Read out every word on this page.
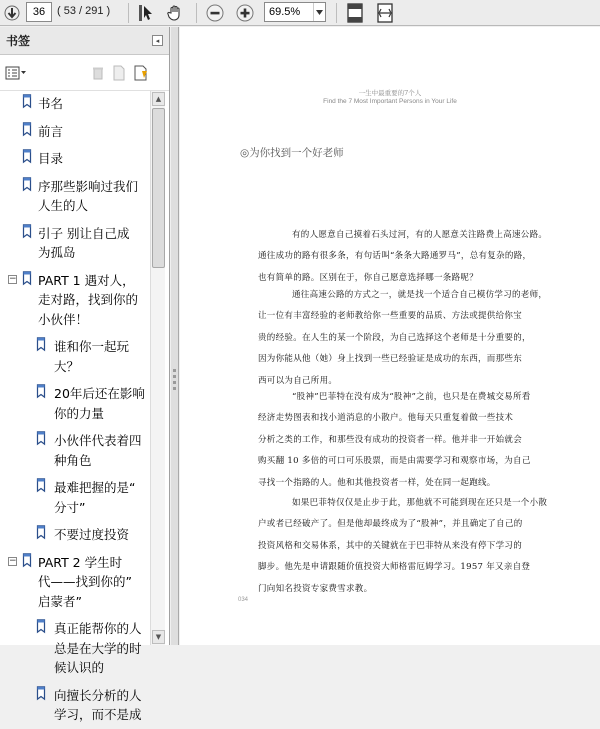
36 ( 53 / 291 )	69.5%
书签	◂
书名
前言
目录
序那些影响过我们
人生的人
引子 别让自己成
为孤岛
− PART 1 遇对人，
走对路，找到你的
小伙伴！
谁和你一起玩
大？
20年后还在影响
你的力量
小伙伴代表着四
种角色
最难把握的是“
分寸”
不要过度投资
− PART 2 学生时
代——找到你的”
启蒙者”
真正能帮你的人
总是在大学的时
候认识的
向擅长分析的人
学习，而不是成
▲
▼
一生中最重要的7个人
Find the 7 Most Important Persons in Your Life
◎为你找到一个好老师
有的人愿意自己摸着石头过河，有的人愿意关注路费上高速公路。
通往成功的路有很多条，有句话叫“条条大路通罗马”，总有复杂的路，
也有简单的路。区别在于，你自己愿意选择哪一条路呢？
通往高速公路的方式之一，就是找一个适合自己模仿学习的老师，
让一位有丰富经验的老师教给你一些重要的品质、方法或提供给你宝
贵的经验。在人生的某一个阶段，为自己选择这个老师是十分重要的，
因为你能从他（她）身上找到一些已经验证是成功的东西，而那些东
西可以为自己所用。
“股神”巴菲特在没有成为“股神”之前，也只是在费城交易所看
经济走势图表和找小道消息的小散户。他每天只重复着做一些技术
分析之类的工作，和那些没有成功的投资者一样。他并非一开始就会
购买翻 10 多倍的可口可乐股票，而是由需要学习和观察市场，为自己
寻找一个指路的人。他和其他投资者一样，处在同一起跑线。
如果巴菲特仅仅是止步于此，那他就不可能到现在还只是一个小散
户或者已经破产了。但是他却最终成为了“股神”，并且确定了自己的
投资风格和交易体系，其中的关键就在于巴菲特从来没有停下学习的
脚步。他先是申请跟随价值投资大师格雷厄姆学习。1957 年又亲自登
门向知名投资专家费雪求教。
034
